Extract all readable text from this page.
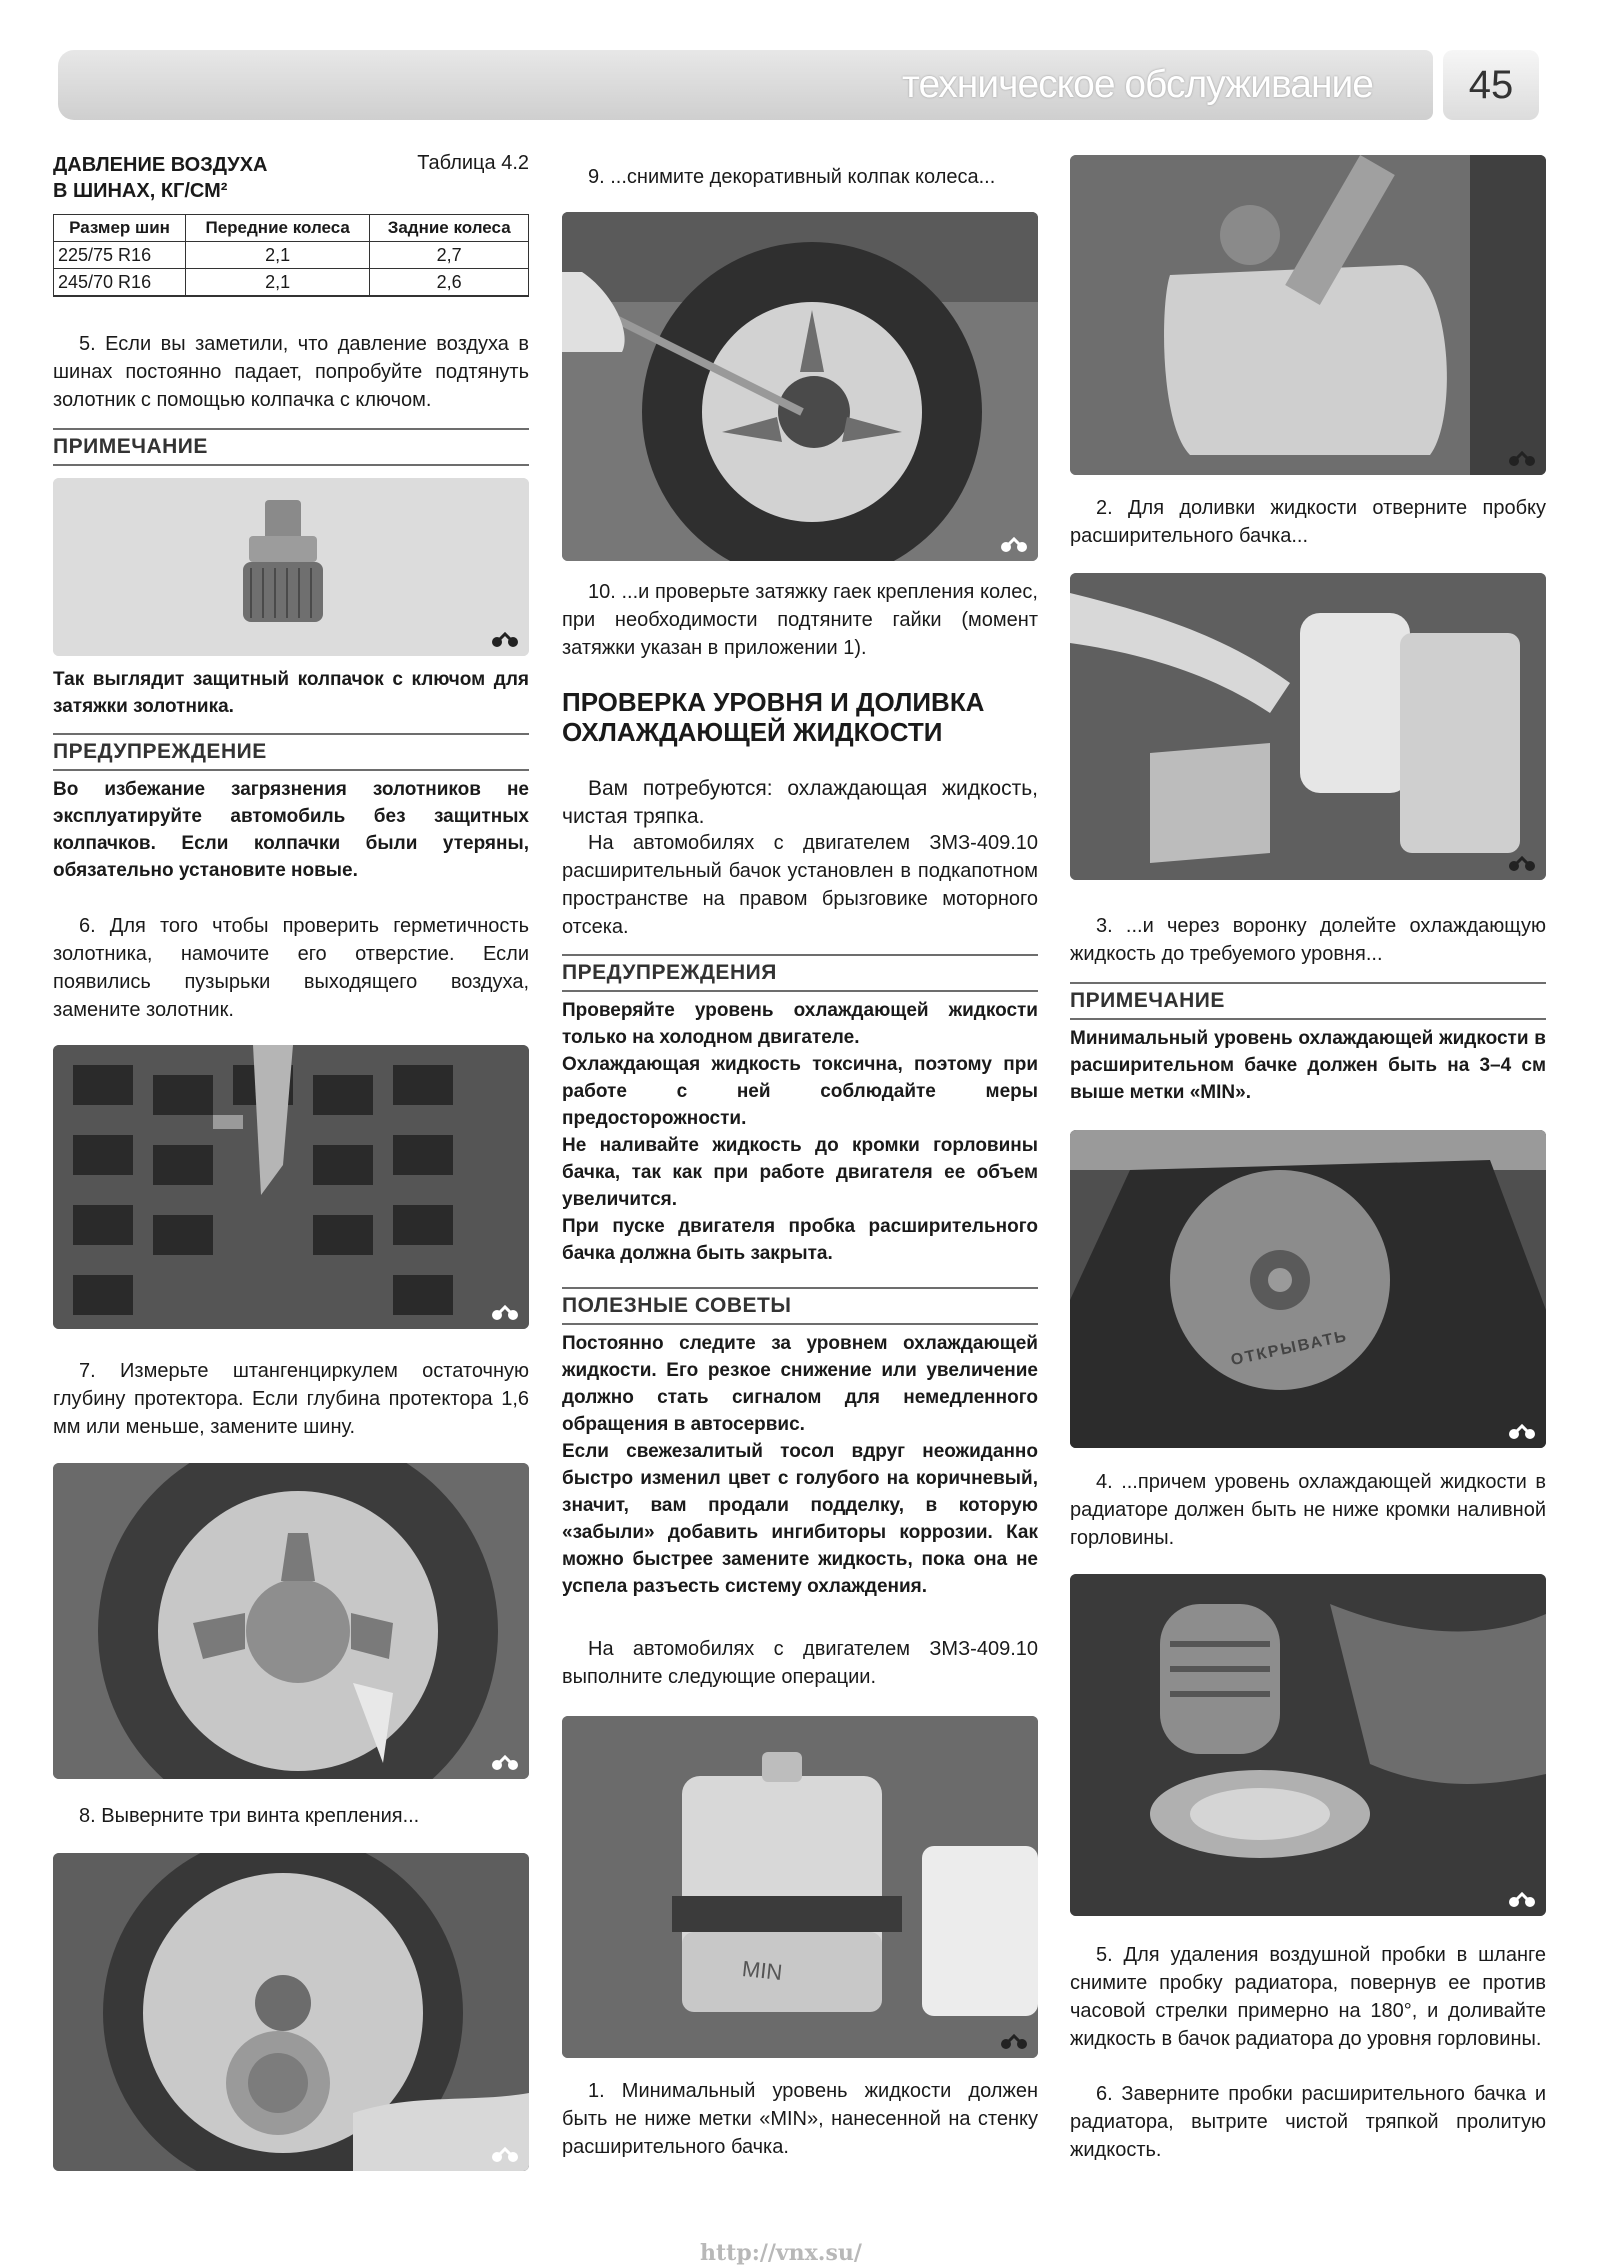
техническое обслуживание	45
ДАВЛЕНИЕ ВОЗДУХА
В ШИНАХ, КГ/СМ²
Таблица 4.2
Размер шин	Передние колеса	Задние колеса
225/75 R16	2,1	2,7
245/70 R16	2,1	2,6
5. Если вы заметили, что давление воздуха в шинах постоянно падает, попробуйте подтянуть золотник с помощью колпачка с ключом.
ПРИМЕЧАНИЕ
Так выглядит защитный колпачок с ключом для затяжки золотника.
ПРЕДУПРЕЖДЕНИЕ
Во избежание загрязнения золотников не эксплуатируйте автомобиль без защитных колпачков. Если колпачки были утеряны, обязательно установите новые.
6. Для того чтобы проверить герметичность золотника, намочите его отверстие. Если появились пузырьки выходящего воздуха, замените золотник.
7. Измерьте штангенциркулем остаточную глубину протектора. Если глубина протектора 1,6 мм или меньше, замените шину.
8. Выверните три винта крепления...
9. ...снимите декоративный колпак колеса...
10. ...и проверьте затяжку гаек крепления колес, при необходимости подтяните гайки (момент затяжки указан в приложении 1).
ПРОВЕРКА УРОВНЯ И ДОЛИВКА ОХЛАЖДАЮЩЕЙ ЖИДКОСТИ
Вам потребуются: охлаждающая жидкость, чистая тряпка.
На автомобилях с двигателем ЗМЗ-409.10 расширительный бачок установлен в подкапотном пространстве на правом брызговике моторного отсека.
ПРЕДУПРЕЖДЕНИЯ
Проверяйте уровень охлаждающей жидкости только на холодном двигателе.
Охлаждающая жидкость токсична, поэтому при работе с ней соблюдайте меры предосторожности.
Не наливайте жидкость до кромки горловины бачка, так как при работе двигателя ее объем увеличится.
При пуске двигателя пробка расширительного бачка должна быть закрыта.
ПОЛЕЗНЫЕ СОВЕТЫ
Постоянно следите за уровнем охлаждающей жидкости. Его резкое снижение или увеличение должно стать сигналом для немедленного обращения в автосервис.
Если свежезалитый тосол вдруг неожиданно быстро изменил цвет с голубого на коричневый, значит, вам продали подделку, в которую «забыли» добавить ингибиторы коррозии. Как можно быстрее замените жидкость, пока она не успела разъесть систему охлаждения.
На автомобилях с двигателем ЗМЗ-409.10 выполните следующие операции.
MIN
1. Минимальный уровень жидкости должен быть не ниже метки «MIN», нанесенной на стенку расширительного бачка.
2. Для доливки жидкости отверните пробку расширительного бачка...
3. ...и через воронку долейте охлаждающую жидкость до требуемого уровня...
ПРИМЕЧАНИЕ
Минимальный уровень охлаждающей жидкости в расширительном бачке должен быть на 3–4 см выше метки «MIN».
ОТКРЫВАТЬ
4. ...причем уровень охлаждающей жидкости в радиаторе должен быть не ниже кромки наливной горловины.
5. Для удаления воздушной пробки в шланге снимите пробку радиатора, повернув ее против часовой стрелки примерно на 180°, и доливайте жидкость в бачок радиатора до уровня горловины.
6. Заверните пробки расширительного бачка и радиатора, вытрите чистой тряпкой пролитую жидкость.
http://vnx.su/
